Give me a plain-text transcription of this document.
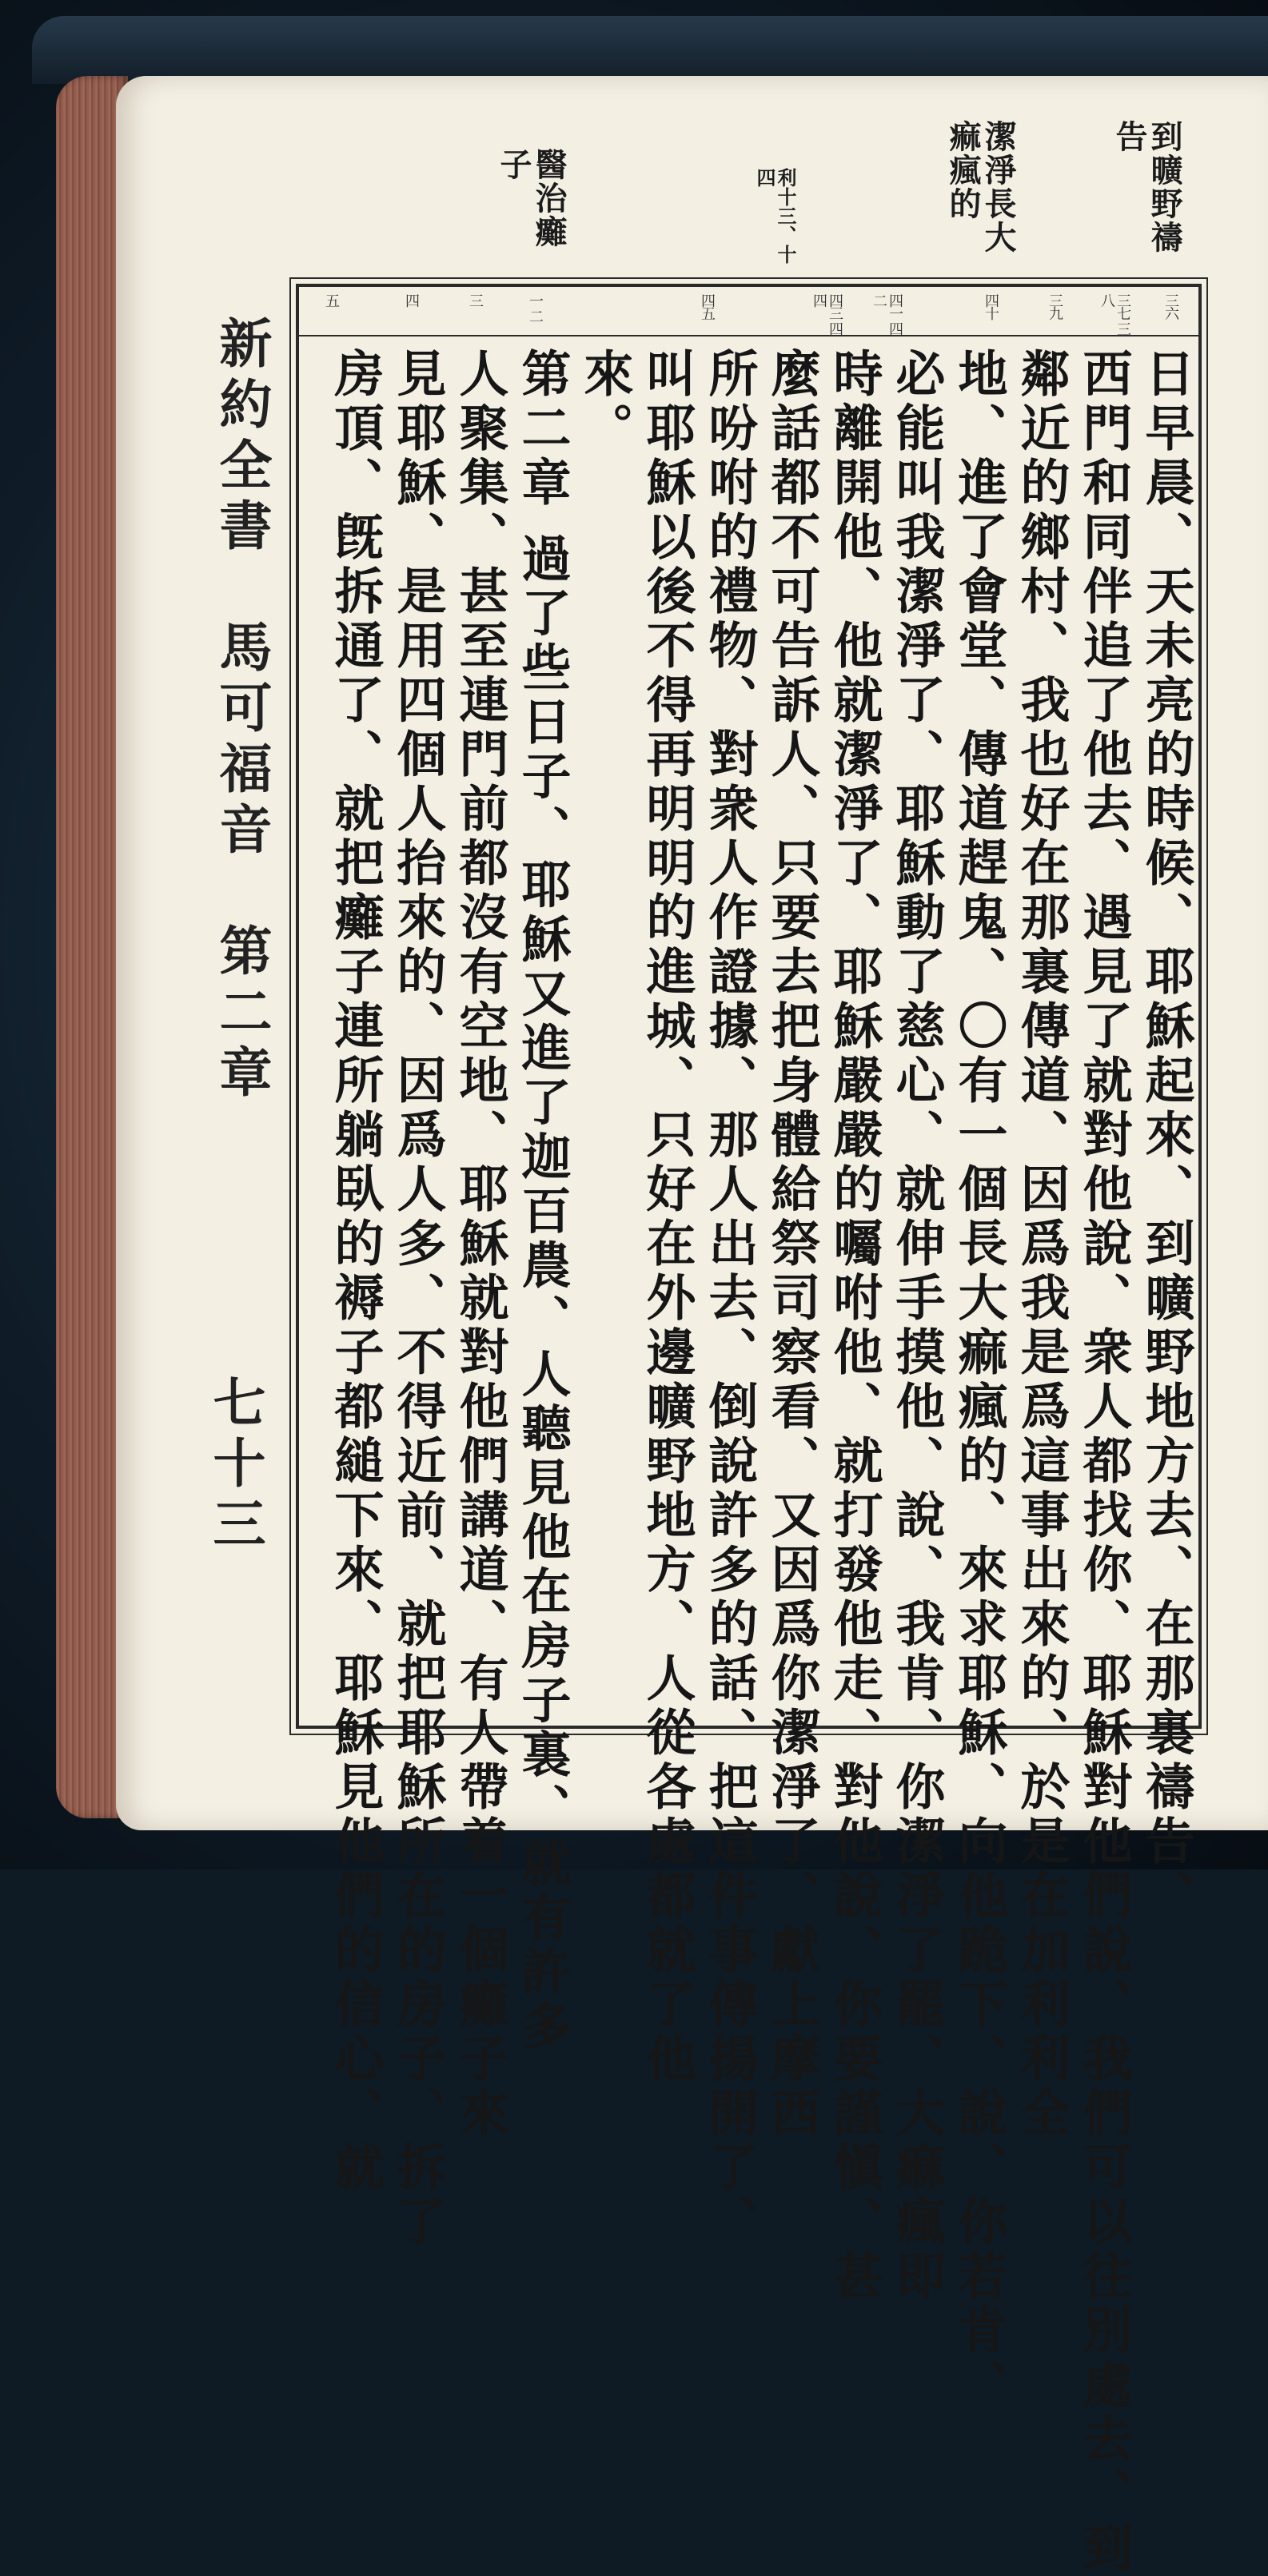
到曠野禱告
潔淨長大痲瘋的
利十三、十四
醫治癱子
新約全書　馬可福音　第二章
七十三
三六
三七 三八
三九
四十
四一 四二
四三 四四
四五
一 二
三
四
五
日早晨、天未亮的時候、耶穌起來、到曠野地方去、在那裏禱告、
西門和同伴追了他去、遇見了就對他說、衆人都找你、耶穌對他們說、我們可以往別處去、到
鄰近的鄉村、我也好在那裏傳道、因爲我是爲這事出來的、於是在加利利全
地、進了會堂、傳道趕鬼、〇有一個長大痲瘋的、來求耶穌、向他跪下、說、你若肯、
必能叫我潔淨了、耶穌動了慈心、就伸手摸他、說、我肯、你潔淨了罷、大痲瘋即
時離開他、他就潔淨了、耶穌嚴嚴的囑咐他、就打發他走、對他說、你要謹愼、甚
麼話都不可告訴人、只要去把身體給祭司察看、又因爲你潔淨了、獻上摩西
所吩咐的禮物、對衆人作證據、那人出去、倒說許多的話、把這件事傳揚開了、
叫耶穌以後不得再明明的進城、只好在外邊曠野地方、人從各處都就了他
來。
第二章 過了些日子、耶穌又進了迦百農、人聽見他在房子裏、就有許多
人聚集、甚至連門前都沒有空地、耶穌就對他們講道、有人帶着一個癱子來
見耶穌、是用四個人抬來的、因爲人多、不得近前、就把耶穌所在的房子、拆了
房頂、旣拆通了、就把癱子連所躺臥的褥子都縋下來、耶穌見他們的信心、就
